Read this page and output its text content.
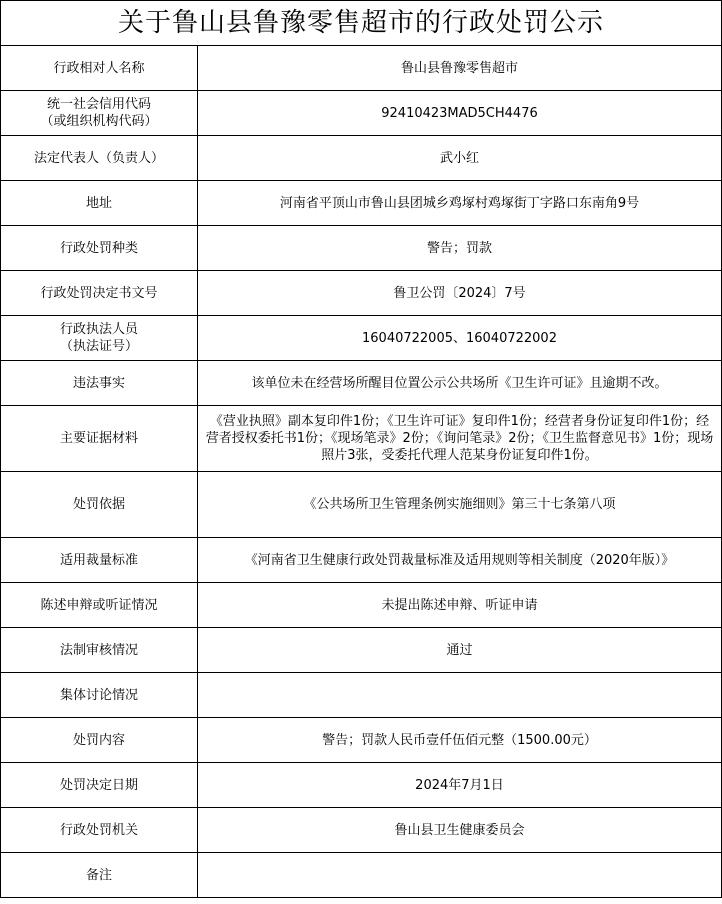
关于鲁山县鲁豫零售超市的行政处罚公示
行政相对人名称	鲁山县鲁豫零售超市
统一社会信用代码
（或组织机构代码）	92410423MAD5CH4476
法定代表人（负责人）	武小红
地址	河南省平顶山市鲁山县团城乡鸡塚村鸡塚街丁字路口东南角9号
行政处罚种类	警告；罚款
行政处罚决定书文号	鲁卫公罚〔2024〕7号
行政执法人员
（执法证号）	16040722005、16040722002
违法事实	该单位未在经营场所醒目位置公示公共场所《卫生许可证》且逾期不改。
主要证据材料	《营业执照》副本复印件1份；《卫生许可证》复印件1份；经营者身份证复印件1份；经营者授权委托书1份；《现场笔录》2份；《询问笔录》2份；《卫生监督意见书》1份；现场照片3张，受委托代理人范某身份证复印件1份。
处罚依据	《公共场所卫生管理条例实施细则》第三十七条第八项
适用裁量标准	《河南省卫生健康行政处罚裁量标准及适用规则等相关制度（2020年版）》
陈述申辩或听证情况	未提出陈述申辩、听证申请
法制审核情况	通过
集体讨论情况	
处罚内容	警告；罚款人民币壹仟伍佰元整（1500.00元）
处罚决定日期	2024年7月1日
行政处罚机关	鲁山县卫生健康委员会
备注	
